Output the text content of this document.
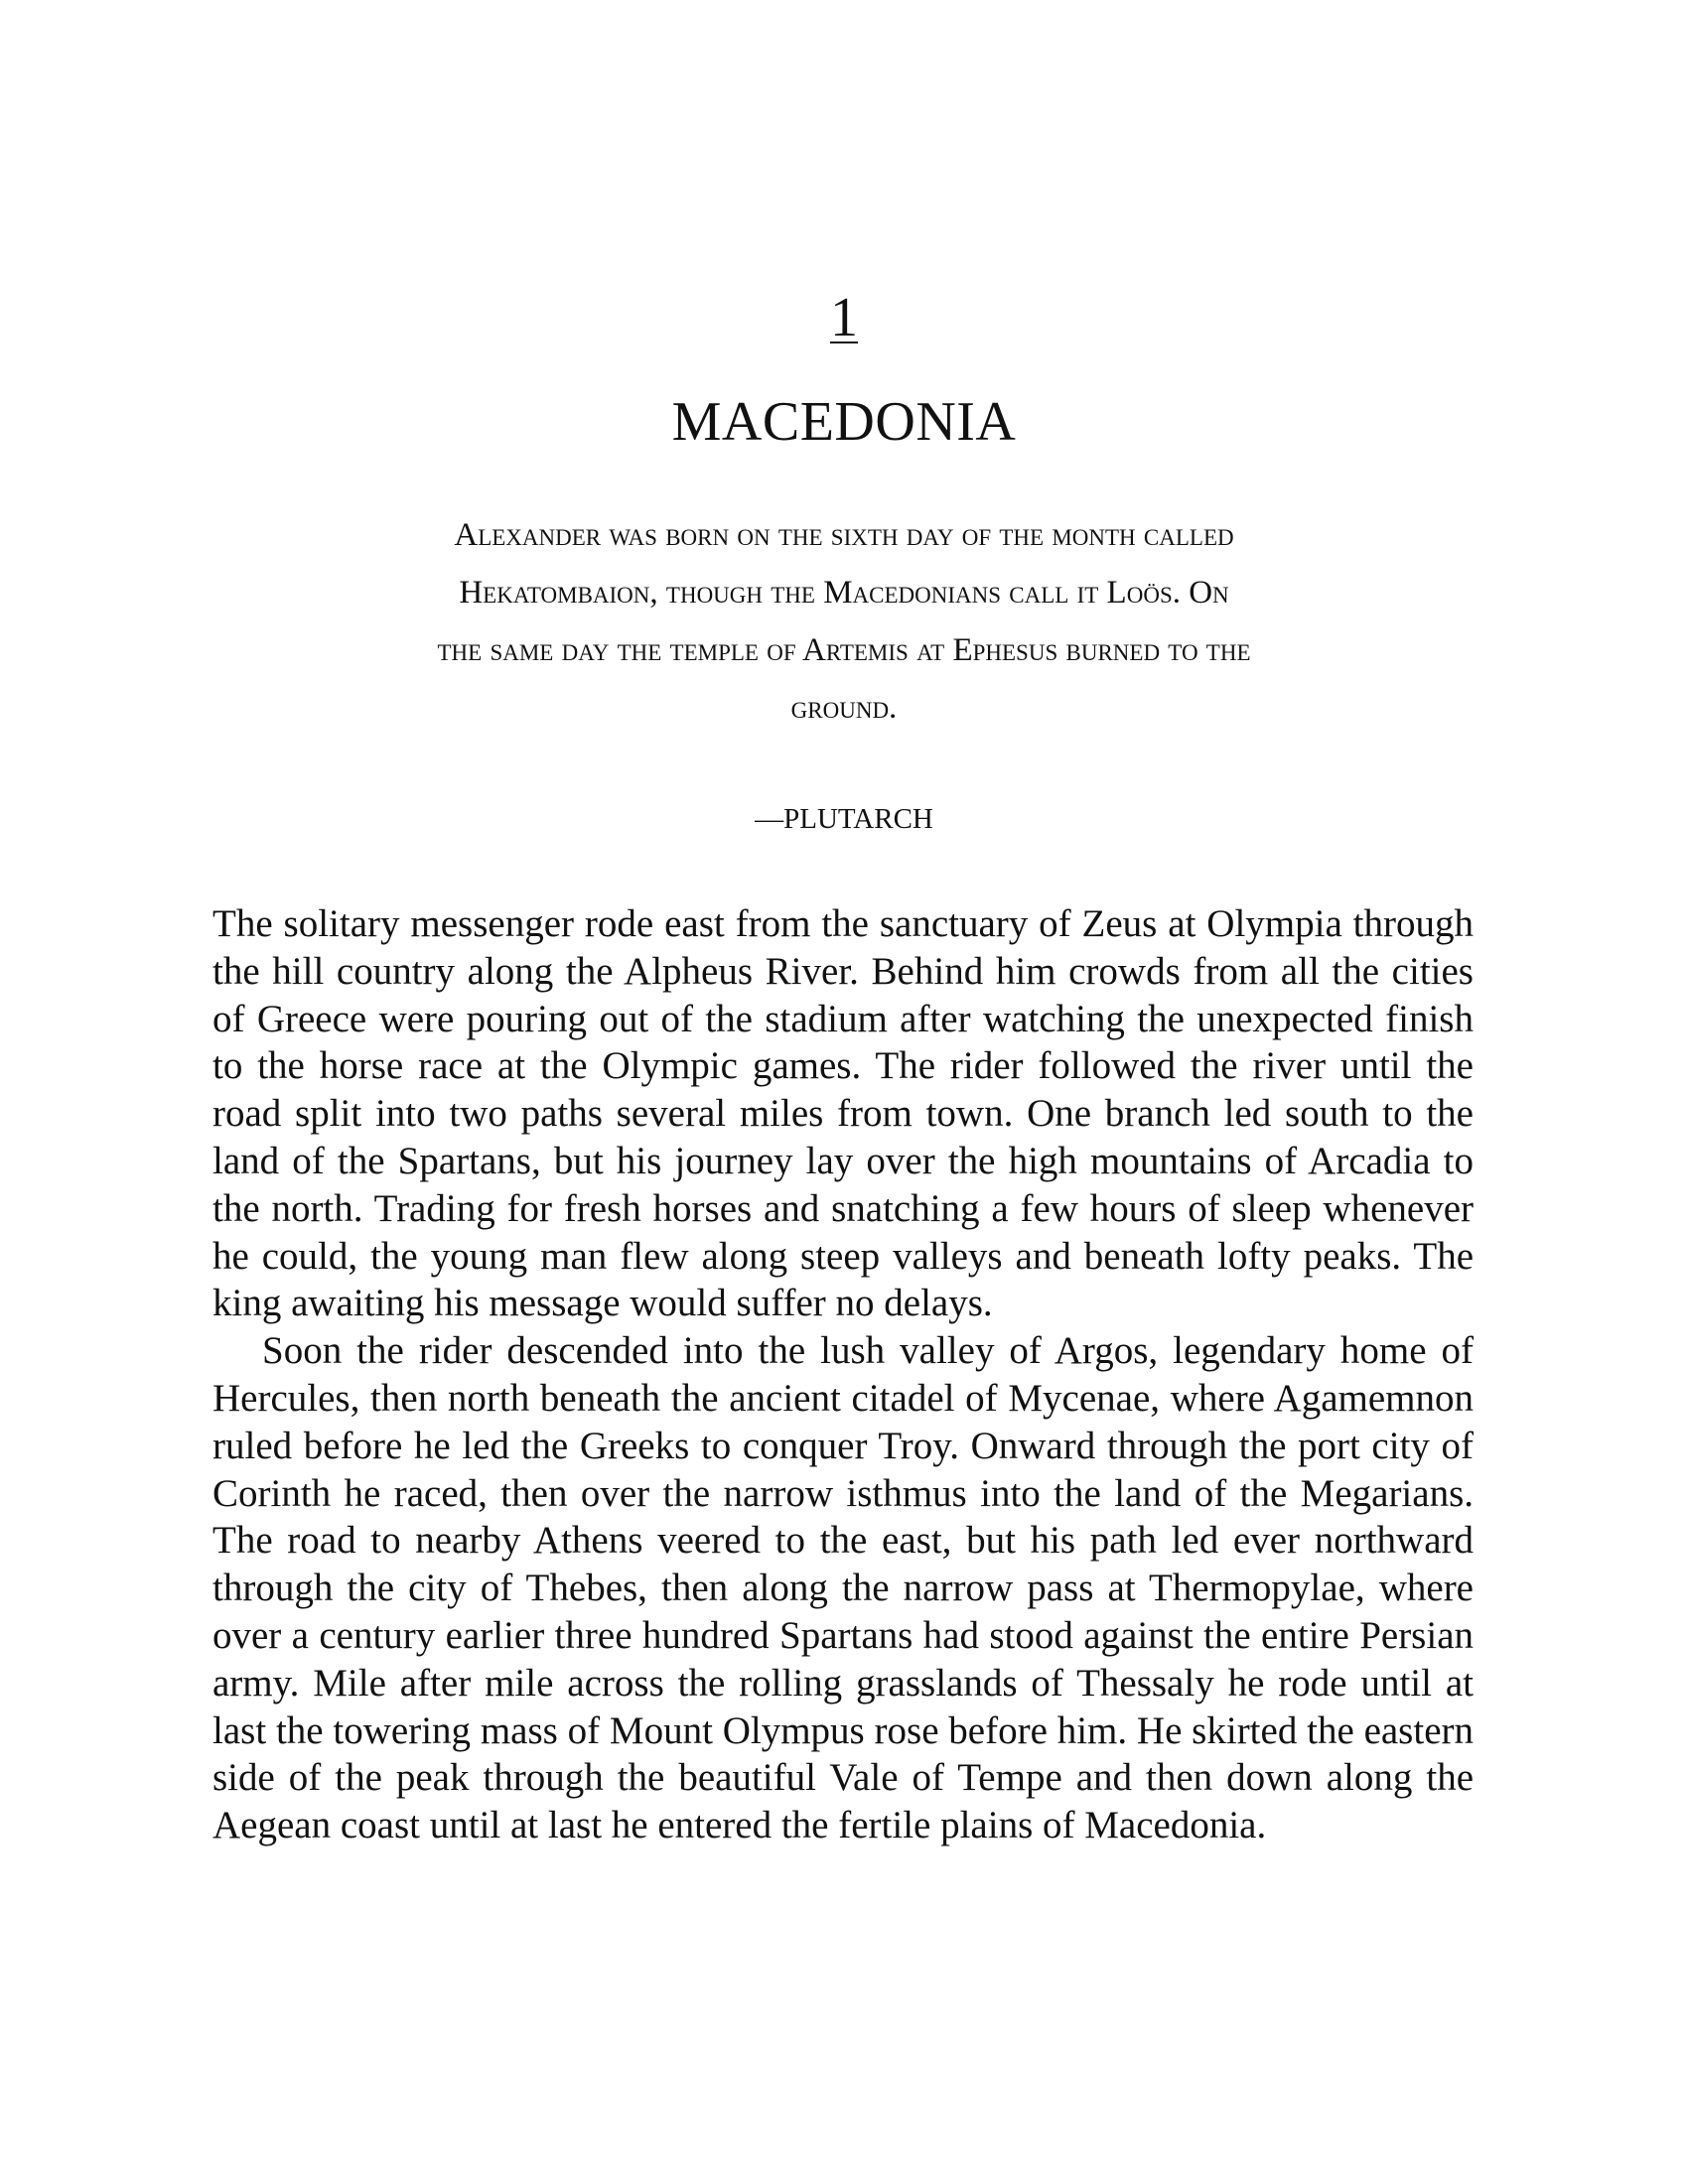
1
MACEDONIA
Alexander was born on the sixth day of the month called Hekatombaion, though the Macedonians call it Loös. On the same day the temple of Artemis at Ephesus burned to the ground.
—PLUTARCH

The solitary messenger rode east from the sanctuary of Zeus at Olympia through the hill country along the Alpheus River. Behind him crowds from all the cities of Greece were pouring out of the stadium after watching the unexpected finish to the horse race at the Olympic games. The rider followed the river until the road split into two paths several miles from town. One branch led south to the land of the Spartans, but his journey lay over the high mountains of Arcadia to the north. Trading for fresh horses and snatching a few hours of sleep whenever he could, the young man flew along steep valleys and beneath lofty peaks. The king awaiting his message would suffer no delays.

Soon the rider descended into the lush valley of Argos, legendary home of Hercules, then north beneath the ancient citadel of Mycenae, where Agamemnon ruled before he led the Greeks to conquer Troy. Onward through the port city of Corinth he raced, then over the narrow isthmus into the land of the Megarians. The road to nearby Athens veered to the east, but his path led ever northward through the city of Thebes, then along the narrow pass at Thermopylae, where over a century earlier three hundred Spartans had stood against the entire Persian army. Mile after mile across the rolling grasslands of Thessaly he rode until at last the towering mass of Mount Olympus rose before him. He skirted the eastern side of the peak through the beautiful Vale of Tempe and then down along the Aegean coast until at last he entered the fertile plains of Macedonia.
